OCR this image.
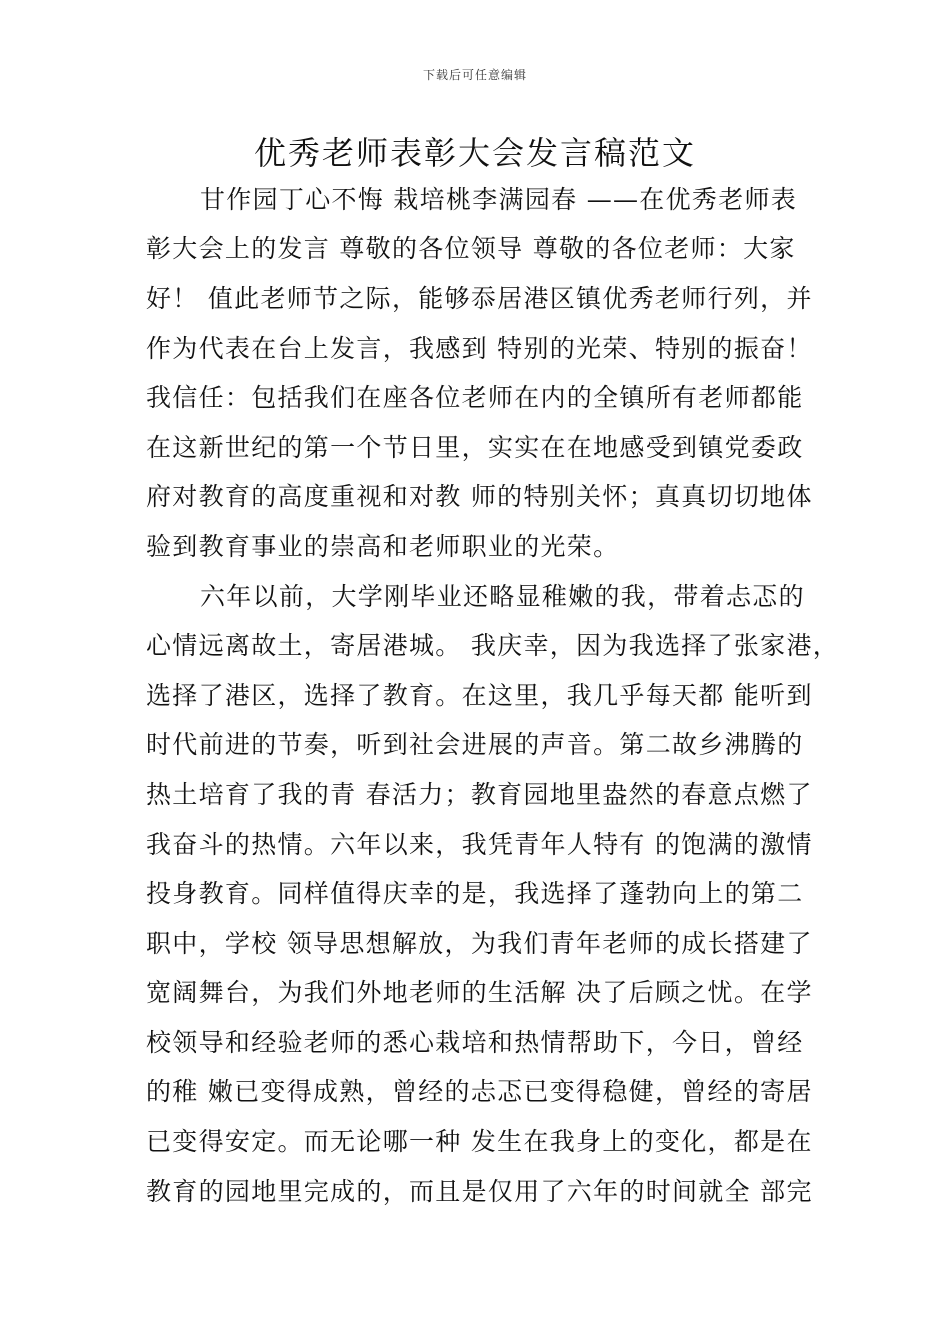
下载后可任意编辑
优秀老师表彰大会发言稿范文
甘作园丁心不悔 栽培桃李满园春 ——在优秀老师表
彰大会上的发言 尊敬的各位领导 尊敬的各位老师：大家
好！ 值此老师节之际，能够忝居港区镇优秀老师行列，并
作为代表在台上发言，我感到 特别的光荣、特别的振奋！
我信任：包括我们在座各位老师在内的全镇所有老师都能
在这新世纪的第一个节日里，实实在在地感受到镇党委政
府对教育的高度重视和对教 师的特别关怀；真真切切地体
验到教育事业的崇高和老师职业的光荣。
六年以前，大学刚毕业还略显稚嫩的我，带着忐忑的
心情远离故土，寄居港城。 我庆幸，因为我选择了张家港，
选择了港区，选择了教育。在这里，我几乎每天都 能听到
时代前进的节奏，听到社会进展的声音。第二故乡沸腾的
热土培育了我的青 春活力；教育园地里盎然的春意点燃了
我奋斗的热情。六年以来，我凭青年人特有 的饱满的激情
投身教育。同样值得庆幸的是，我选择了蓬勃向上的第二
职中，学校 领导思想解放，为我们青年老师的成长搭建了
宽阔舞台，为我们外地老师的生活解 决了后顾之忧。在学
校领导和经验老师的悉心栽培和热情帮助下，今日，曾经
的稚 嫩已变得成熟，曾经的忐忑已变得稳健，曾经的寄居
已变得安定。而无论哪一种 发生在我身上的变化，都是在
教育的园地里完成的，而且是仅用了六年的时间就全 部完
